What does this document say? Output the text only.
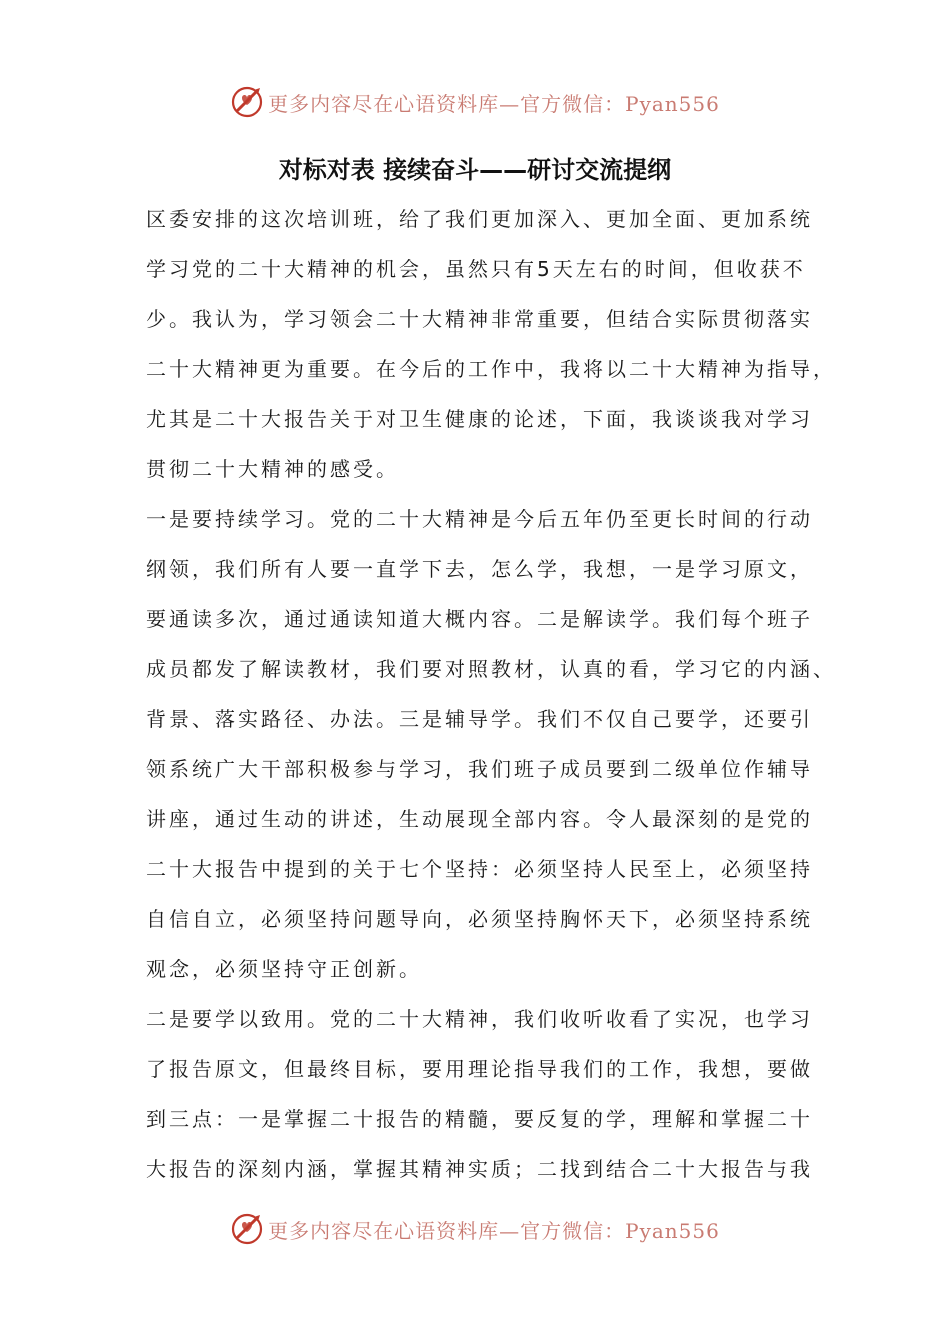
更多内容尽在心语资料库—官方微信：Pyan556
对标对表 接续奋斗——研讨交流提纲
区委安排的这次培训班，给了我们更加深入、更加全面、更加系统
学习党的二十大精神的机会，虽然只有5天左右的时间，但收获不
少。我认为，学习领会二十大精神非常重要，但结合实际贯彻落实
二十大精神更为重要。在今后的工作中，我将以二十大精神为指导，
尤其是二十大报告关于对卫生健康的论述，下面，我谈谈我对学习
贯彻二十大精神的感受。
一是要持续学习。党的二十大精神是今后五年仍至更长时间的行动
纲领，我们所有人要一直学下去，怎么学，我想，一是学习原文，
要通读多次，通过通读知道大概内容。二是解读学。我们每个班子
成员都发了解读教材，我们要对照教材，认真的看，学习它的内涵、
背景、落实路径、办法。三是辅导学。我们不仅自己要学，还要引
领系统广大干部积极参与学习，我们班子成员要到二级单位作辅导
讲座，通过生动的讲述，生动展现全部内容。令人最深刻的是党的
二十大报告中提到的关于七个坚持：必须坚持人民至上，必须坚持
自信自立，必须坚持问题导向，必须坚持胸怀天下，必须坚持系统
观念，必须坚持守正创新。
二是要学以致用。党的二十大精神，我们收听收看了实况，也学习
了报告原文，但最终目标，要用理论指导我们的工作，我想，要做
到三点：一是掌握二十报告的精髓，要反复的学，理解和掌握二十
大报告的深刻内涵，掌握其精神实质；二找到结合二十大报告与我
更多内容尽在心语资料库—官方微信：Pyan556
